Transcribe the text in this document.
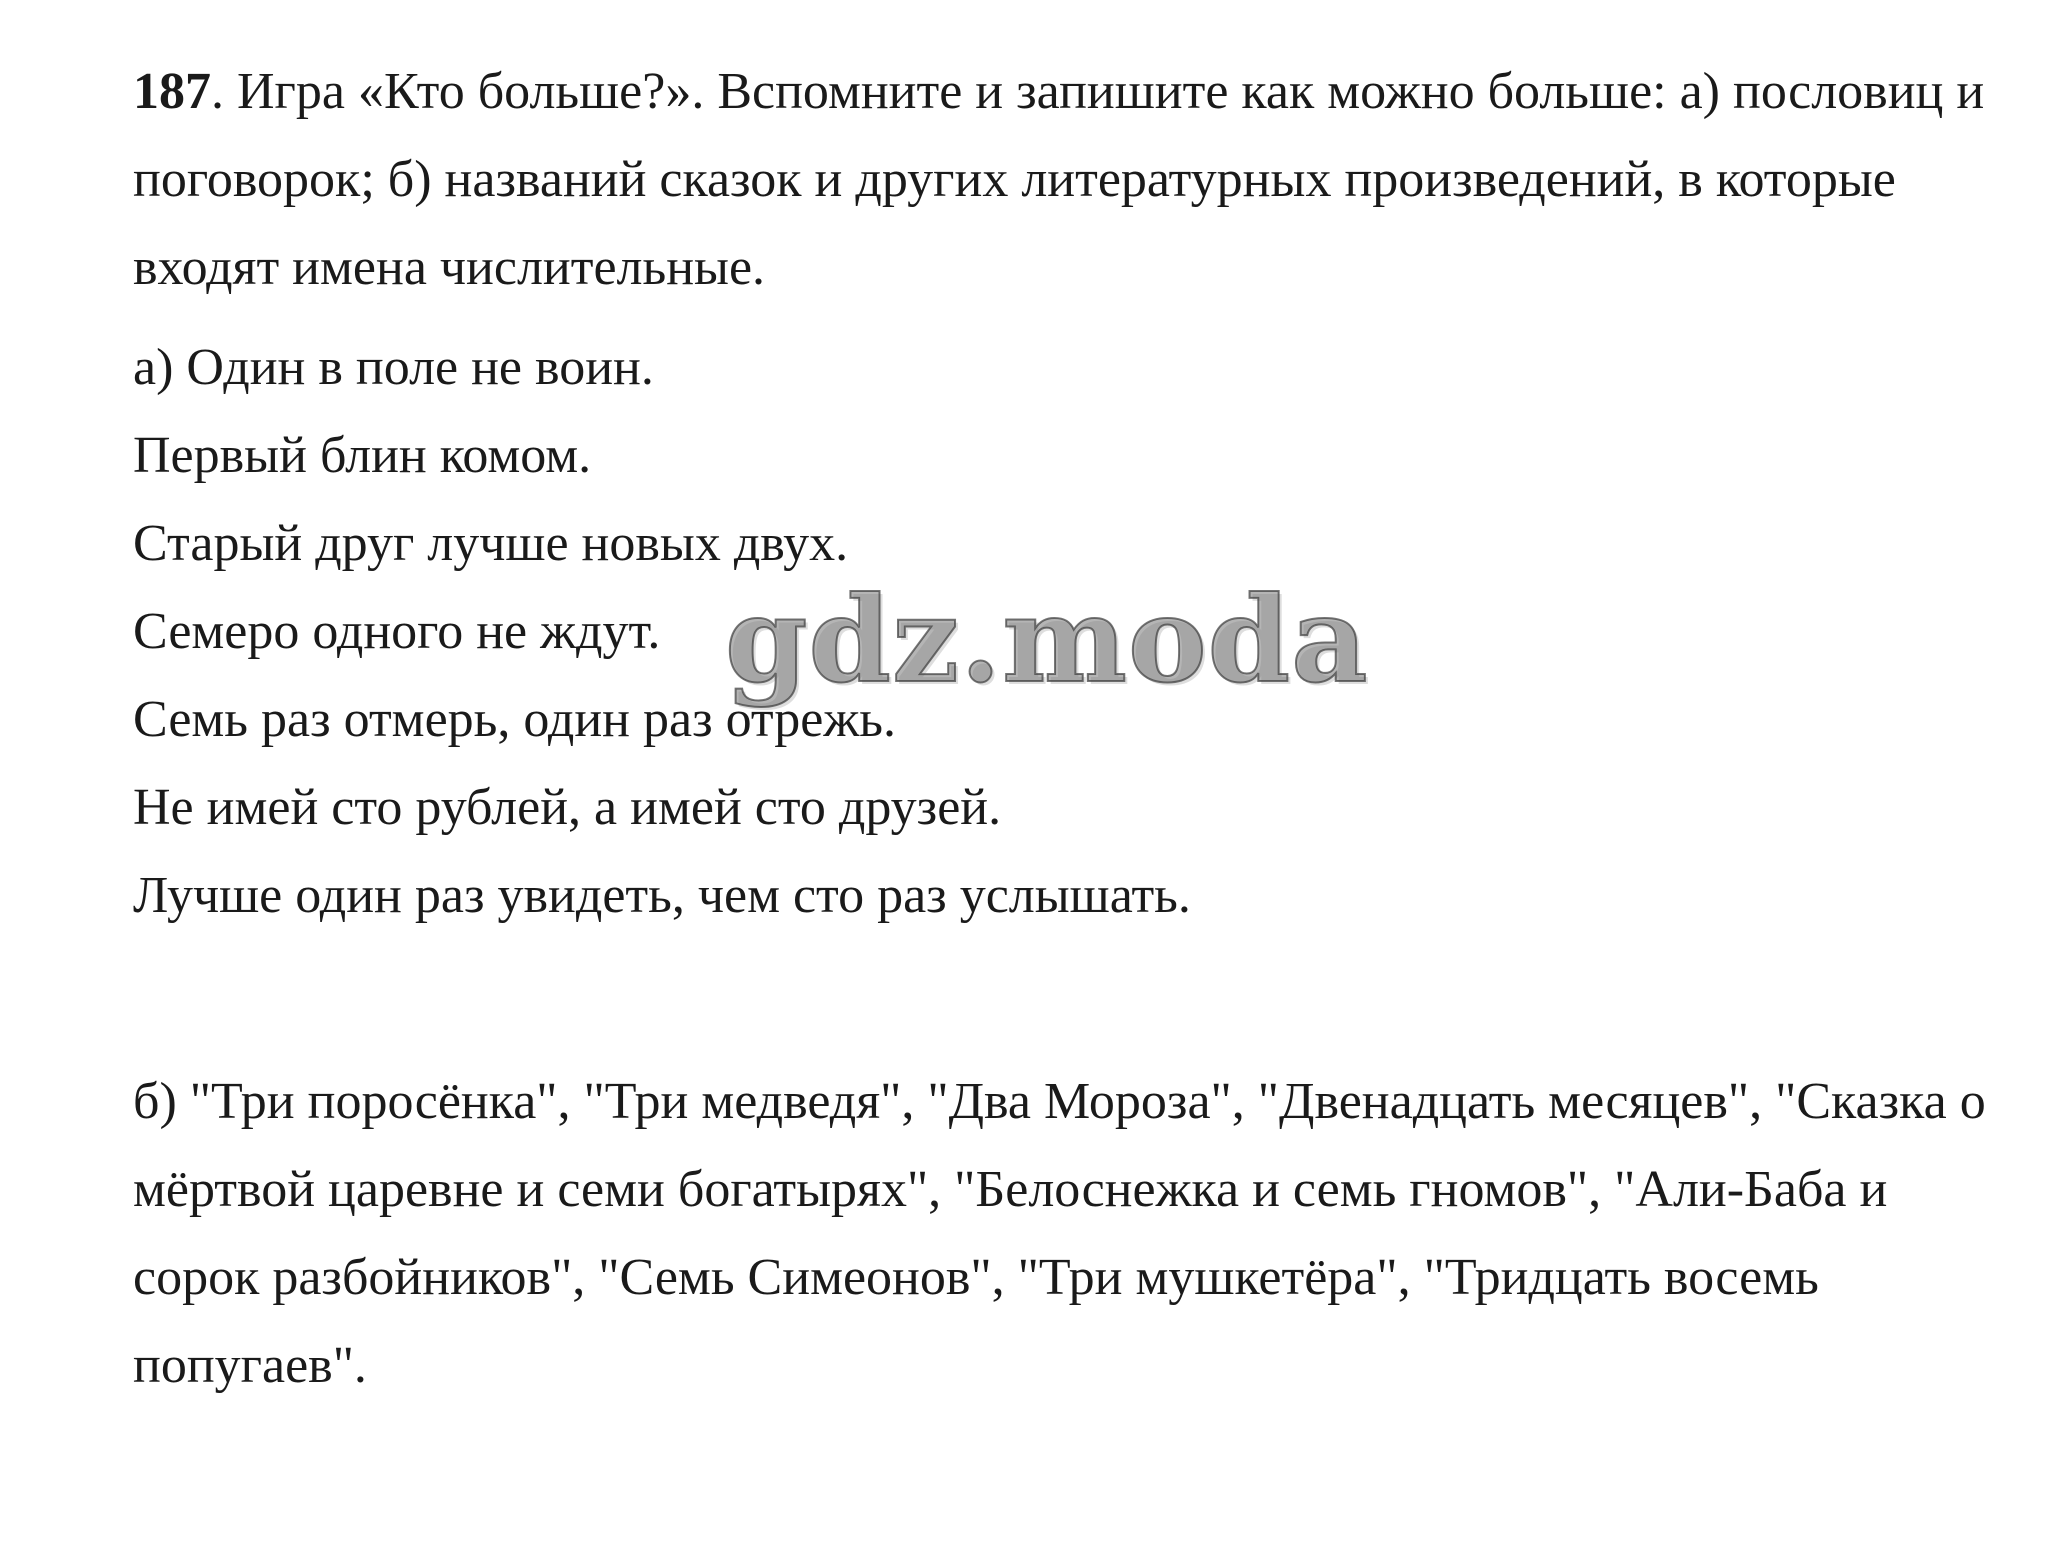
187. Игра «Кто больше?». Вспомните и запишите как можно больше: а) пословиц и поговорок; б) названий сказок и других литературных произведений, в которые входят имена числительные.

а) Один в поле не воин.
Первый блин комом.
Старый друг лучше новых двух.
Семеро одного не ждут.
Семь раз отмерь, один раз отрежь.
Не имей сто рублей, а имей сто друзей.
Лучше один раз увидеть, чем сто раз услышать.

б) "Три поросёнка", "Три медведя", "Два Мороза", "Двенадцать месяцев", "Сказка о мёртвой царевне и семи богатырях", "Белоснежка и семь гномов", "Али-Баба и сорок разбойников", "Семь Симеонов", "Три мушкетёра", "Тридцать восемь попугаев".

gdz.moda
